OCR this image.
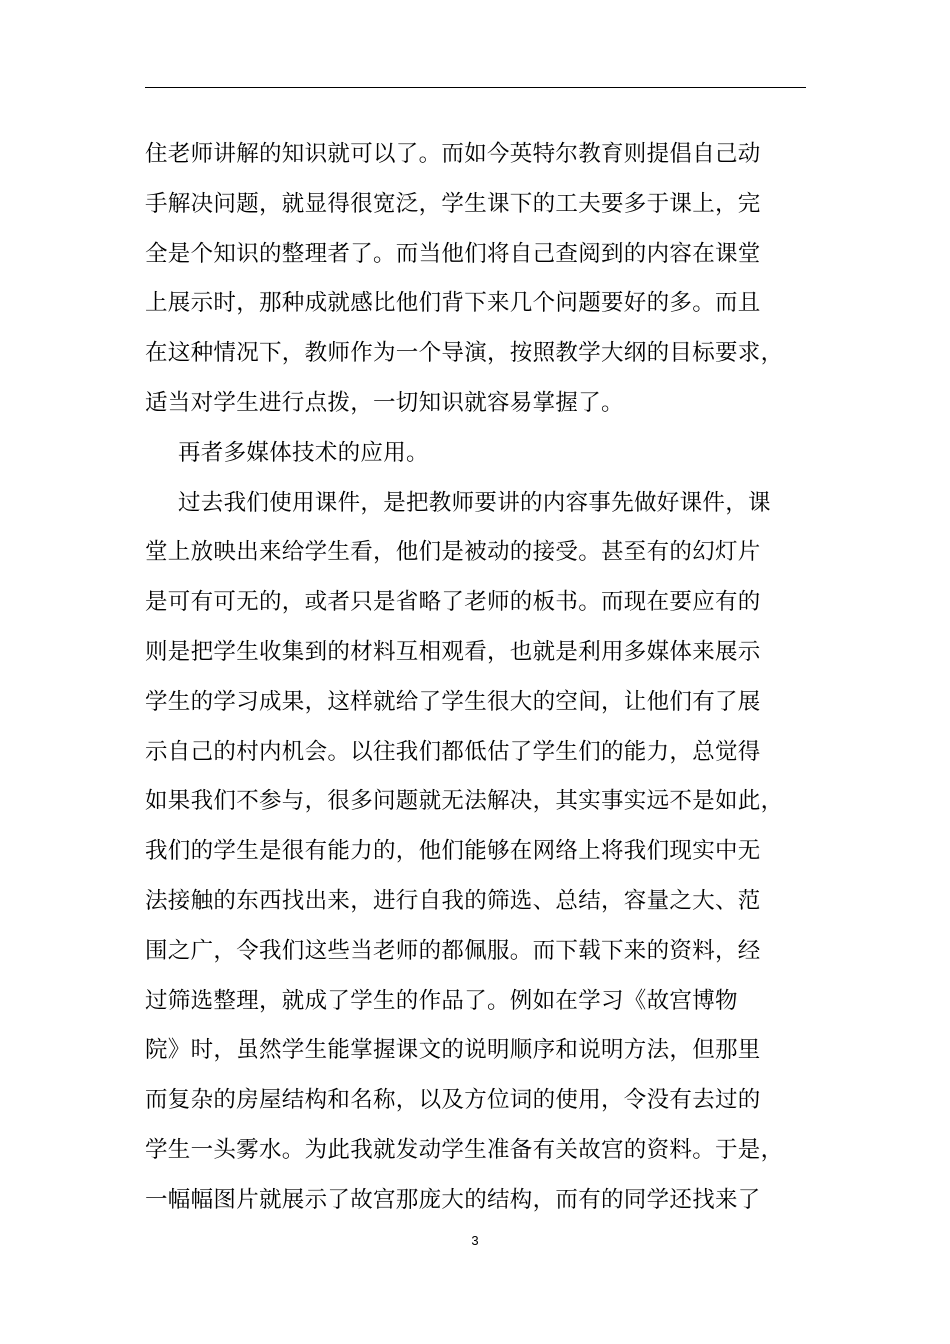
住老师讲解的知识就可以了。而如今英特尔教育则提倡自己动
手解决问题，就显得很宽泛，学生课下的工夫要多于课上，完
全是个知识的整理者了。而当他们将自己查阅到的内容在课堂
上展示时，那种成就感比他们背下来几个问题要好的多。而且
在这种情况下，教师作为一个导演，按照教学大纲的目标要求，
适当对学生进行点拨，一切知识就容易掌握了。
再者多媒体技术的应用。
过去我们使用课件，是把教师要讲的内容事先做好课件，课
堂上放映出来给学生看，他们是被动的接受。甚至有的幻灯片
是可有可无的，或者只是省略了老师的板书。而现在要应有的
则是把学生收集到的材料互相观看，也就是利用多媒体来展示
学生的学习成果，这样就给了学生很大的空间，让他们有了展
示自己的村内机会。以往我们都低估了学生们的能力，总觉得
如果我们不参与，很多问题就无法解决，其实事实远不是如此，
我们的学生是很有能力的，他们能够在网络上将我们现实中无
法接触的东西找出来，进行自我的筛选、总结，容量之大、范
围之广，令我们这些当老师的都佩服。而下载下来的资料，经
过筛选整理，就成了学生的作品了。例如在学习《故宫博物
院》时，虽然学生能掌握课文的说明顺序和说明方法，但那里
而复杂的房屋结构和名称，以及方位词的使用，令没有去过的
学生一头雾水。为此我就发动学生准备有关故宫的资料。于是，
一幅幅图片就展示了故宫那庞大的结构，而有的同学还找来了
3
